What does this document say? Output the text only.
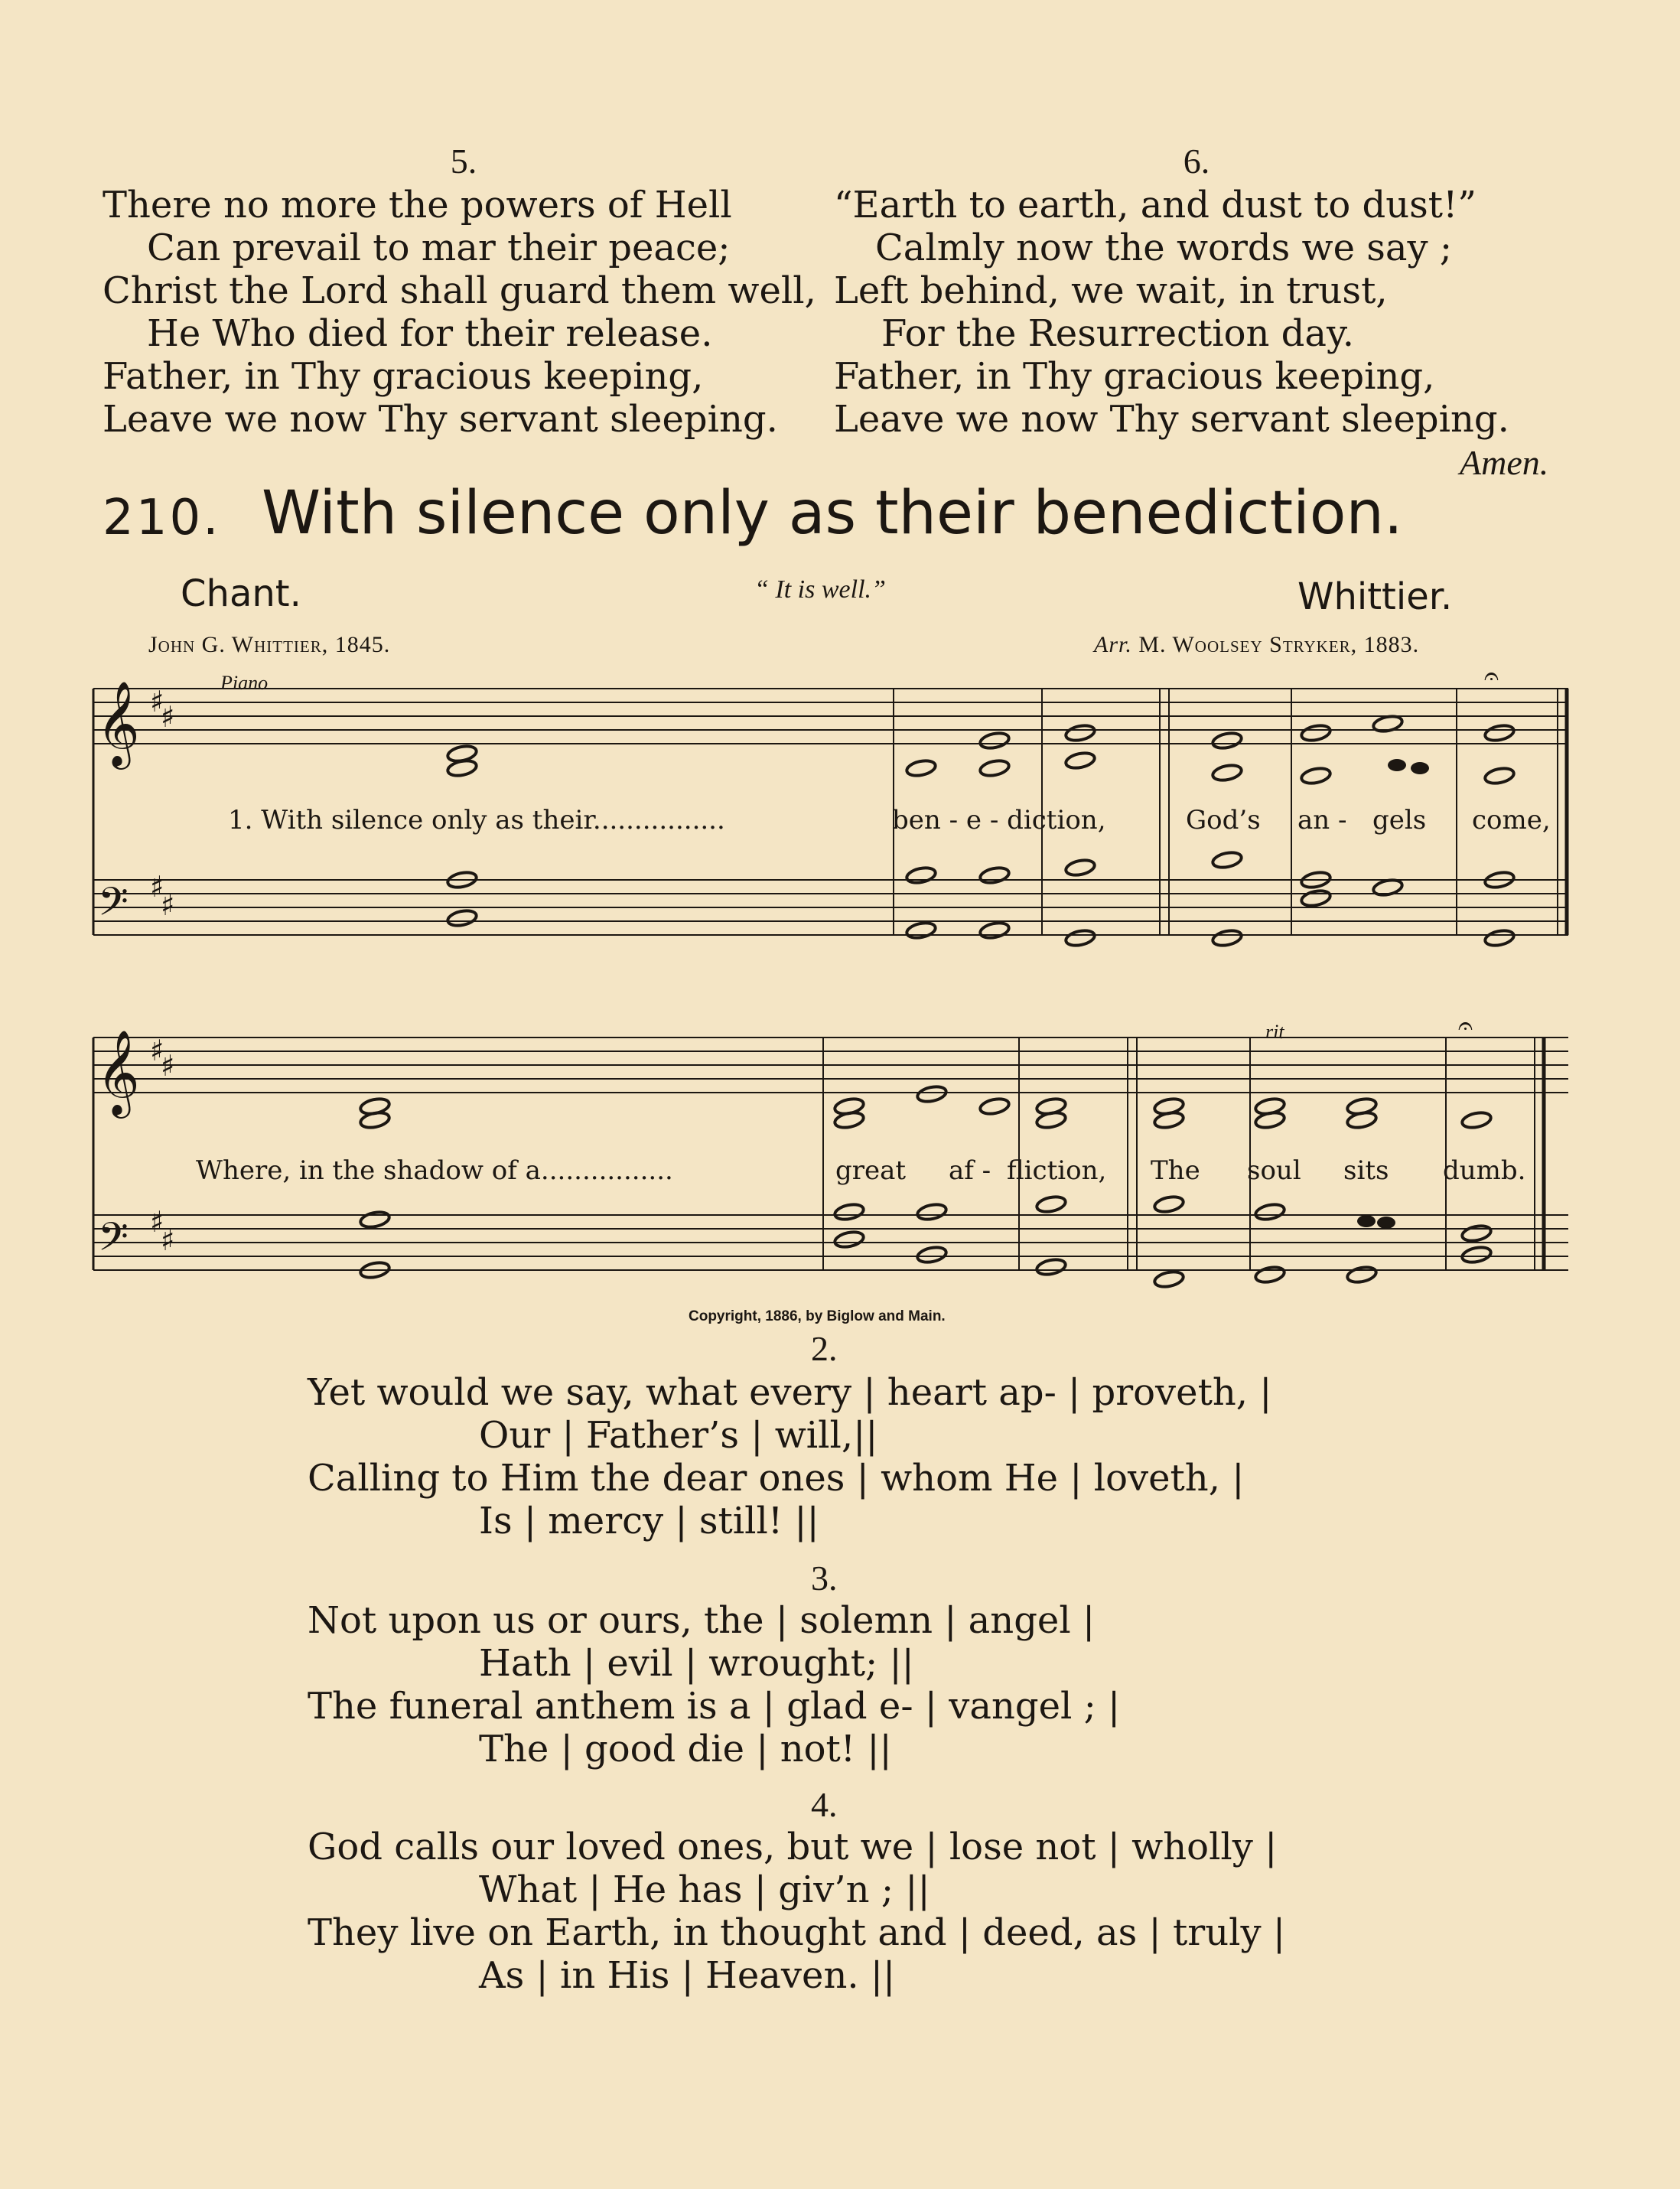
5.	6.
There no more the powers of Hell
Can prevail to mar their peace;
Christ the Lord shall guard them well,
He Who died for their release.
Father, in Thy gracious keeping,
Leave we now Thy servant sleeping.
“Earth to earth, and dust to dust!”
Calmly now the words we say ;
Left behind, we wait, in trust,
For the Resurrection day.
Father, in Thy gracious keeping,
Leave we now Thy servant sleeping.
Amen.
210. With silence only as their benediction.
Chant.	“ It is well.”	Whittier.
John G. Whittier, 1845.	Arr. M. Woolsey Stryker, 1883.
𝄞 ♯
♯
𝄢 ♯
♯
𝄐
𝄞 ♯
♯
𝄢 ♯
♯
𝄐
Piano
rit
1. With silence only as their................	ben - e - diction,	God’s an - gels come,
Where, in the shadow of a................	great af - fliction, The soul sits dumb.
Copyright, 1886, by Biglow and Main.
2.
Yet would we say, what every | heart ap- | proveth, |
Our | Father’s | will,||
Calling to Him the dear ones | whom He | loveth, |
Is | mercy | still! ||
3.
Not upon us or ours, the | solemn | angel |
Hath | evil | wrought; ||
The funeral anthem is a | glad e- | vangel ; |
The | good die | not! ||
4.
God calls our loved ones, but we | lose not | wholly |
What | He has | giv’n ; ||
They live on Earth, in thought and | deed, as | truly |
As | in His | Heaven. ||
